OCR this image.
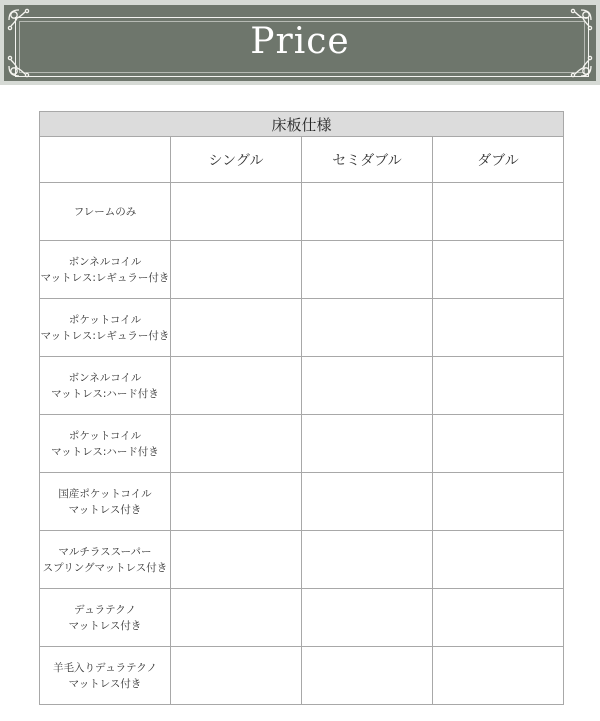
Price
床板仕様			
	シングル	セミダブル	ダブル

フレームのみ			

ボンネルコイル
マットレス:レギュラー付き			

ポケットコイル
マットレス:レギュラー付き			

ボンネルコイル
マットレス:ハード付き			

ポケットコイル
マットレス:ハード付き			

国産ポケットコイル
マットレス付き			

マルチラススーパー
スプリングマットレス付き			

デュラテクノ
マットレス付き			

羊毛入りデュラテクノ
マットレス付き			
